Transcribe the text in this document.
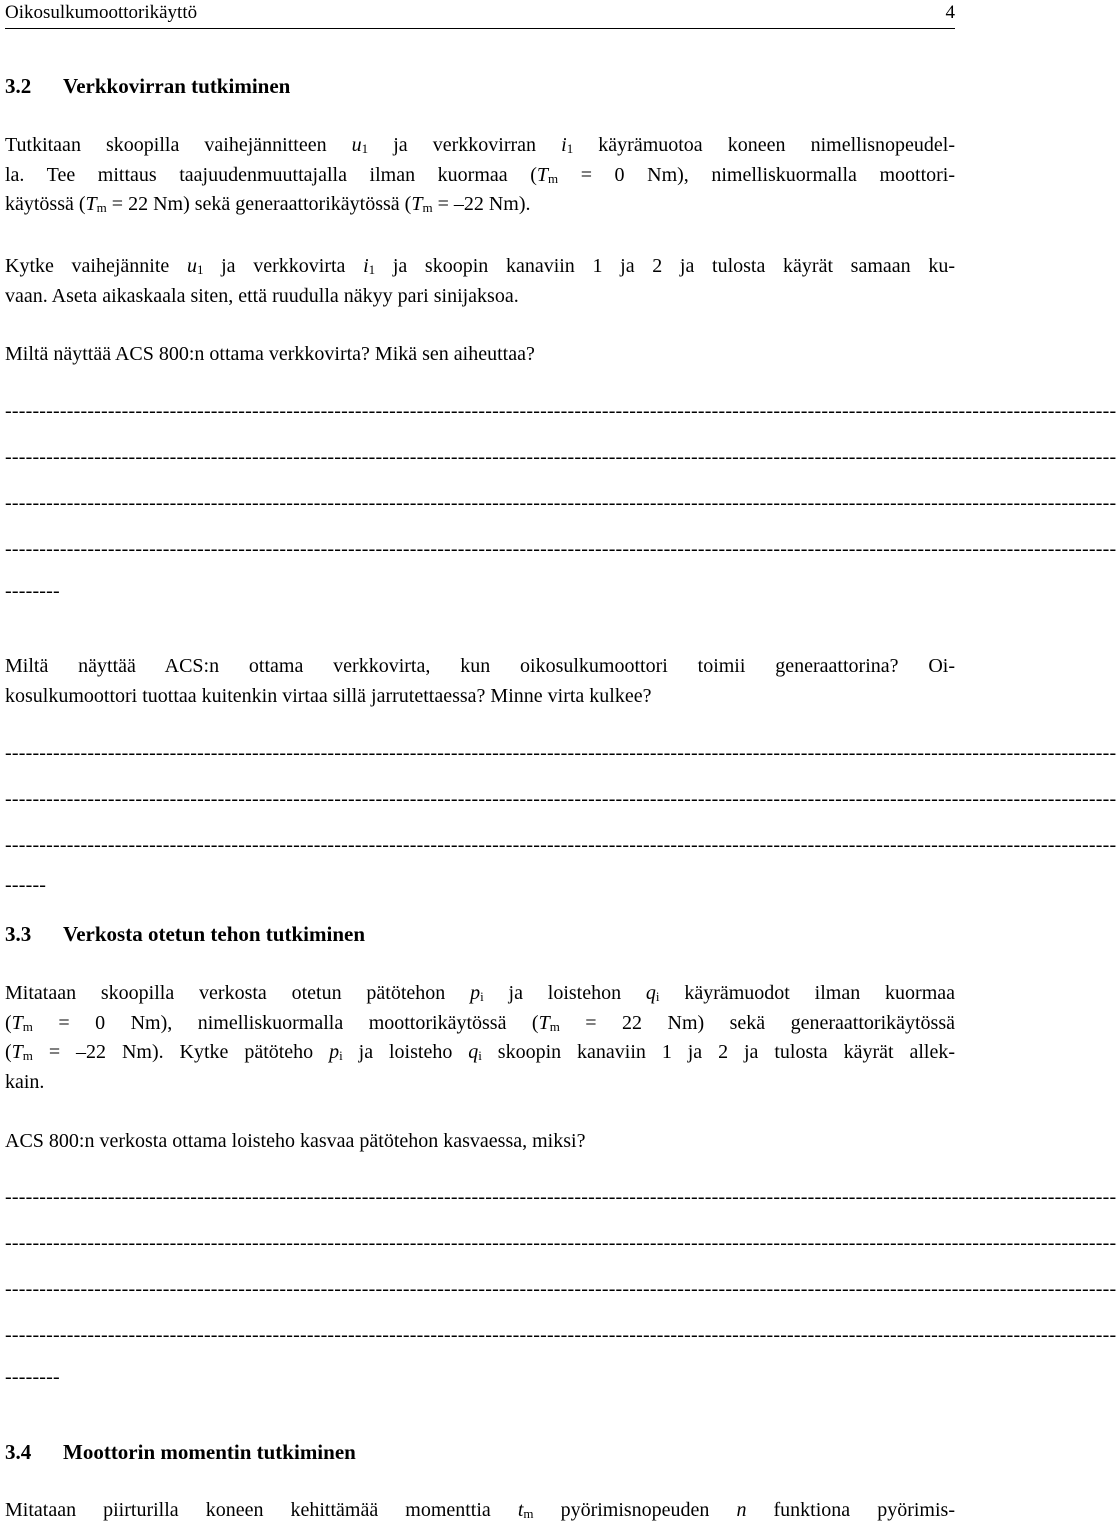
Oikosulkumoottorikäyttö	4
3.2 Verkkovirran tutkiminen
Tutkitaan skoopilla vaihejännitteen $u_1$ ja verkkovirran $i_1$ käyrämuotoa koneen nimellisnopeudel-
la. Tee mittaus taajuudenmuuttajalla ilman kuormaa ($T_m = 0$ Nm), nimelliskuormalla moottori-
käytössä ($T_m = 22$ Nm) sekä generaattorikäytössä ($T_m = -22$ Nm).
Kytke vaihejännite $u_1$ ja verkkovirta $i_1$ ja skoopin kanaviin 1 ja 2 ja tulosta käyrät samaan ku-
vaan. Aseta aikaskaala siten, että ruudulla näkyy pari sinijaksoa.
Miltä näyttää ACS 800:n ottama verkkovirta? Mikä sen aiheuttaa?
------------------------------------------------------------------------------------------------------------------------------------------------------------------
------------------------------------------------------------------------------------------------------------------------------------------------------------------
------------------------------------------------------------------------------------------------------------------------------------------------------------------
------------------------------------------------------------------------------------------------------------------------------------------------------------------
--------
Miltä näyttää ACS:n ottama verkkovirta, kun oikosulkumoottori toimii generaattorina? Oi-
kosulkumoottori tuottaa kuitenkin virtaa sillä jarrutettaessa? Minne virta kulkee?
------------------------------------------------------------------------------------------------------------------------------------------------------------------
------------------------------------------------------------------------------------------------------------------------------------------------------------------
------------------------------------------------------------------------------------------------------------------------------------------------------------------
------
3.3 Verkosta otetun tehon tutkiminen
Mitataan skoopilla verkosta otetun pätötehon $p_i$ ja loistehon $q_i$ käyrämuodot ilman kuormaa
($T_m = 0$ Nm), nimelliskuormalla moottorikäytössä ($T_m = 22$ Nm) sekä generaattorikäytössä
($T_m = -22$ Nm). Kytke pätöteho $p_i$ ja loisteho $q_i$ skoopin kanaviin 1 ja 2 ja tulosta käyrät allek-
kain.
ACS 800:n verkosta ottama loisteho kasvaa pätötehon kasvaessa, miksi?
------------------------------------------------------------------------------------------------------------------------------------------------------------------
------------------------------------------------------------------------------------------------------------------------------------------------------------------
------------------------------------------------------------------------------------------------------------------------------------------------------------------
------------------------------------------------------------------------------------------------------------------------------------------------------------------
--------
3.4 Moottorin momentin tutkiminen
Mitataan piirturilla koneen kehittämää momenttia $t_m$ pyörimisnopeuden n funktiona pyörimis-
